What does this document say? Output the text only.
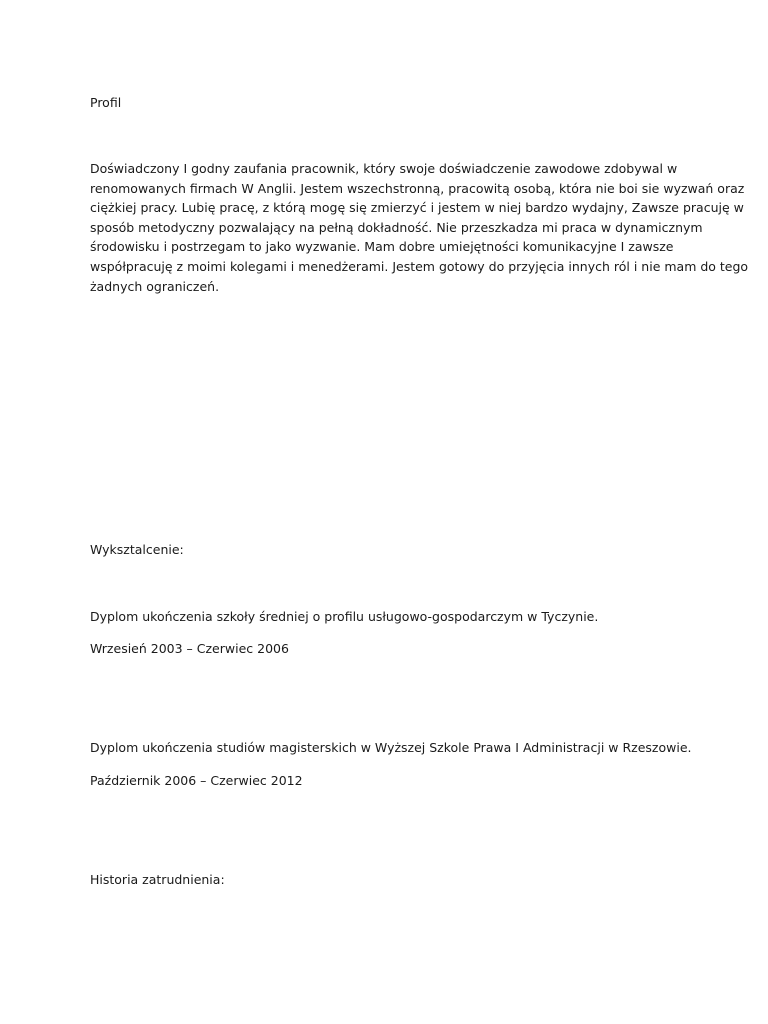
Profil

Doświadczony I godny zaufania pracownik, który swoje doświadczenie zawodowe zdobywal w
renomowanych firmach W Anglii. Jestem wszechstronną, pracowitą osobą, która nie boi sie wyzwań oraz
ciężkiej pracy. Lubię pracę, z którą mogę się zmierzyć i jestem w niej bardzo wydajny, Zawsze pracuję w
sposób metodyczny pozwalający na pełną dokładność. Nie przeszkadza mi praca w dynamicznym
środowisku i postrzegam to jako wyzwanie. Mam dobre umiejętności komunikacyjne I zawsze
współpracuję z moimi kolegami i menedżerami. Jestem gotowy do przyjęcia innych ról i nie mam do tego
żadnych ograniczeń.

Wyksztalcenie:

Dyplom ukończenia szkoły średniej o profilu usługowo-gospodarczym w Tyczynie.

Wrzesień 2003 – Czerwiec 2006

Dyplom ukończenia studiów magisterskich w Wyższej Szkole Prawa I Administracji w Rzeszowie.

Październik 2006 – Czerwiec 2012

Historia zatrudnienia:
